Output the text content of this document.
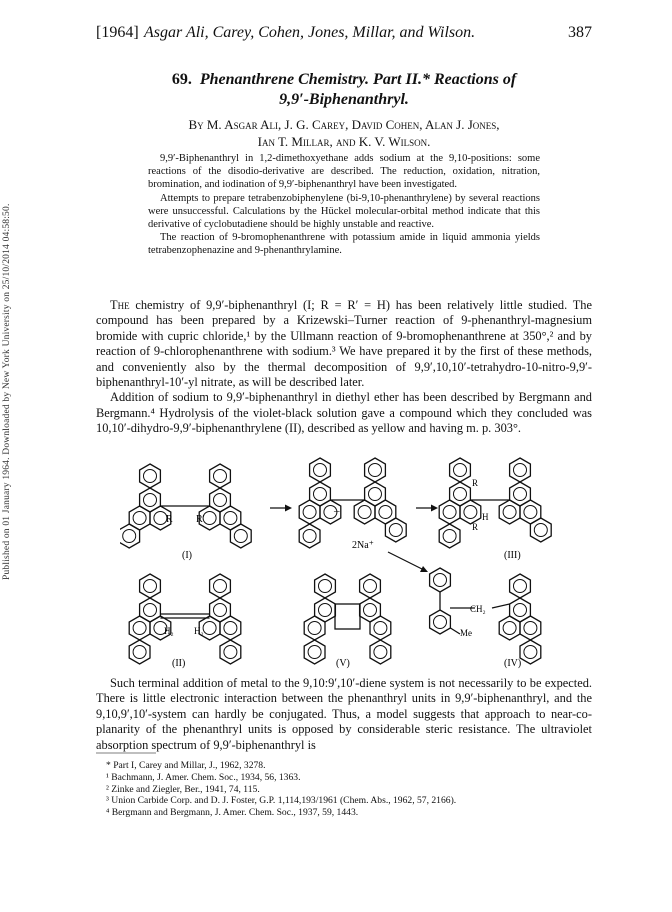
Published on 01 January 1964. Downloaded by New York University on 25/10/2014 04:58:50.
[1964] Asgar Ali, Carey, Cohen, Jones, Millar, and Wilson.	387
69. Phenanthrene Chemistry. Part II.* Reactions of
9,9′-Biphenanthryl.
By M. Asgar Ali, J. G. Carey, David Cohen, Alan J. Jones,
Ian T. Millar, and K. V. Wilson.

9,9′-Biphenanthryl in 1,2-dimethoxyethane adds sodium at the 9,10-positions: some reactions of the disodio-derivative are described. The reduction, oxidation, nitration, bromination, and iodination of 9,9′-biphenanthryl have been investigated.

Attempts to prepare tetrabenzobiphenylene (bi-9,10-phenanthrylene) by several reactions were unsuccessful. Calculations by the Hückel molecular-orbital method indicate that this derivative of cyclobutadiene should be highly unstable and reactive.

The reaction of 9-bromophenanthrene with potassium amide in liquid ammonia yields tetrabenzophenazine and 9-phenanthrylamine.

The chemistry of 9,9′-biphenanthryl (I; R = R′ = H) has been relatively little studied. The compound has been prepared by a Krizewski–Turner reaction of 9-phenanthryl-magnesium bromide with cupric chloride,¹ by the Ullmann reaction of 9-bromophenanthrene at 350°,² and by reaction of 9-chlorophenanthrene with sodium.³ We have prepared it by the first of these methods, and conveniently also by the thermal decomposition of 9,9′,10,10′-tetrahydro-10-nitro-9,9′-biphenanthryl-10′-yl nitrate, as will be described later.

Addition of sodium to 9,9′-biphenanthryl in diethyl ether has been described by Bergmann and Bergmann.⁴ Hydrolysis of the violet-black solution gave a compound which they concluded was 10,10′-dihydro-9,9′-biphenanthrylene (II), described as yellow and having m. p. 303°.

R R′
(I)
–
2Na⁺
R
H
R
(III)
H₂ H₂
(II)	(V)
CH₂
Me
(IV)

Such terminal addition of metal to the 9,10:9′,10′-diene system is not necessarily to be expected. There is little electronic interaction between the phenanthryl units in 9,9′-biphenanthryl, and the 9,10,9′,10′-system can hardly be conjugated. Thus, a model suggests that approach to near-co-planarity of the phenanthryl units is opposed by considerable steric resistance. The ultraviolet absorption spectrum of 9,9′-biphenanthryl is

* Part I, Carey and Millar, J., 1962, 3278.
¹ Bachmann, J. Amer. Chem. Soc., 1934, 56, 1363.
² Zinke and Ziegler, Ber., 1941, 74, 115.
³ Union Carbide Corp. and D. J. Foster, G.P. 1,114,193/1961 (Chem. Abs., 1962, 57, 2166).
⁴ Bergmann and Bergmann, J. Amer. Chem. Soc., 1937, 59, 1443.
